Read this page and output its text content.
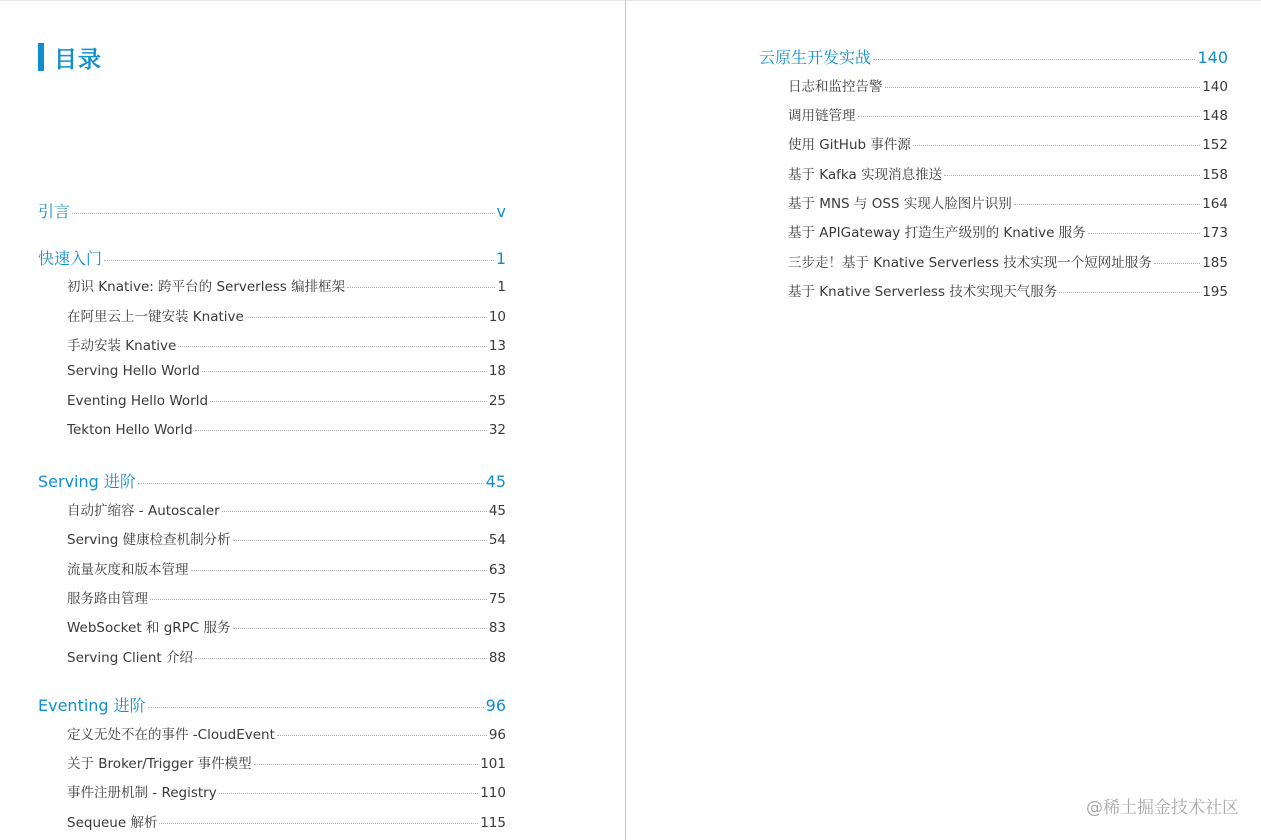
目录
引言	v
快速入门	1
初识 Knative: 跨平台的 Serverless 编排框架	1
在阿里云上一键安装 Knative	10
手动安装 Knative	13
Serving Hello World	18
Eventing Hello World	25
Tekton Hello World	32
Serving 进阶	45
自动扩缩容 - Autoscaler	45
Serving 健康检查机制分析	54
流量灰度和版本管理	63
服务路由管理	75
WebSocket 和 gRPC 服务	83
Serving Client 介绍	88
Eventing 进阶	96
定义无处不在的事件 -CloudEvent	96
关于 Broker/Trigger 事件模型	101
事件注册机制 - Registry	110
Sequeue 解析	115
云原生开发实战	140
日志和监控告警	140
调用链管理	148
使用 GitHub 事件源	152
基于 Kafka 实现消息推送	158
基于 MNS 与 OSS 实现人脸图片识别	164
基于 APIGateway 打造生产级别的 Knative 服务	173
三步走！基于 Knative Serverless 技术实现一个短网址服务	185
基于 Knative Serverless 技术实现天气服务	195
@稀土掘金技术社区
